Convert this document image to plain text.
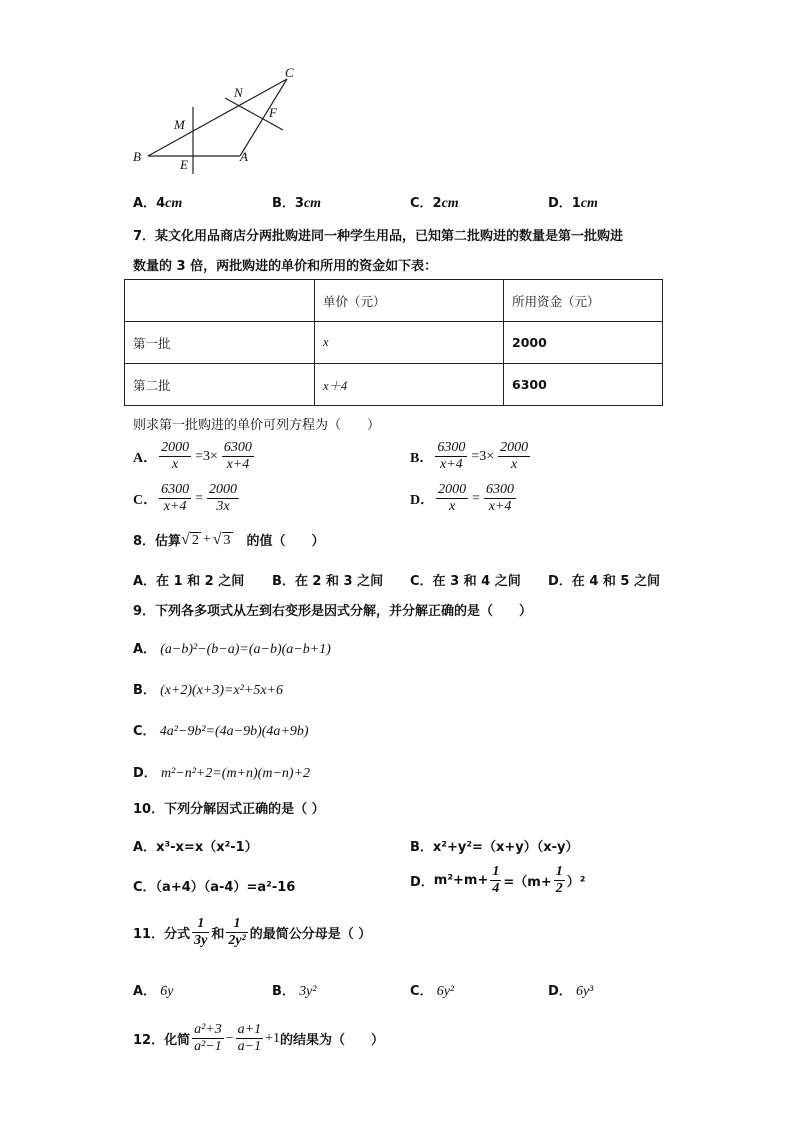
C
N
F
M
B
E
A
A．4cm	B．3cm	C．2cm	D．1cm
7．某文化用品商店分两批购进同一种学生用品，已知第二批购进的数量是第一批购进
数量的 3 倍，两批购进的单价和所用的资金如下表：
	单价（元）	所用资金（元）
第一批	x	2000
第二批	x＋4	6300
则求第一批购进的单价可列方程为（　　）
A． $\frac{2000}{x} =3\times \frac{6300}{x+4}$	B． $\frac{6300}{x+4} =3\times \frac{2000}{x}$
C． $\frac{6300}{x+4} = \frac{2000}{3x}$	D． $\frac{2000}{x} = \frac{6300}{x+4}$
8．估算 √ 2 + √ 3 的值（　　）
A．在 1 和 2 之间 B．在 2 和 3 之间 C．在 3 和 4 之间 D．在 4 和 5 之间
9．下列各多项式从左到右变形是因式分解，并分解正确的是（　　）
A． (a−b)²−(b−a)=(a−b)(a−b+1)
B． (x+2)(x+3)=x²+5x+6
C． 4a²−9b²=(4a−9b)(4a+9b)
D． m²−n²+2=(m+n)(m−n)+2
10．下列分解因式正确的是（ ）
A．x³-x=x（x²-1）	B．x²+y²=（x+y）（x-y）
C．（a+4）（a-4）=a²-16	D． $m^2+m+ \frac{1}{4} =(m+ \frac{1}{2} )^2$
11．分式 $\frac{1}{3y}$ 和 $\frac{1}{\text{2y²}}$ 的最简公分母是（ ）
A． 6y	B． 3y²	C． 6y²	D． 6y³
12．化简 $\frac{\text{a²+3}}{\text{a²−1}} - \frac{a+1}{a-1} +1$ 的结果为（　　）
